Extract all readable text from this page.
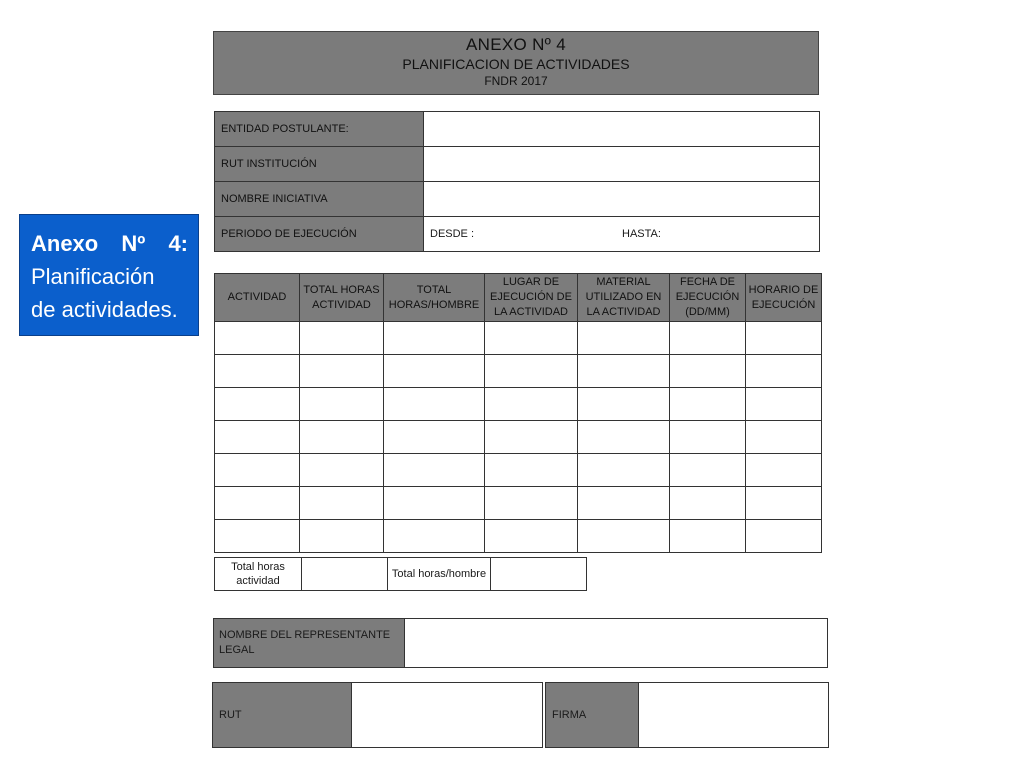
ANEXO Nº 4
PLANIFICACION DE ACTIVIDADES
FNDR 2017
ENTIDAD POSTULANTE:	
RUT INSTITUCIÓN	
NOMBRE INICIATIVA	
PERIODO DE EJECUCIÓN	DESDE : HASTA:
ACTIVIDAD	TOTAL HORAS ACTIVIDAD	TOTAL HORAS/HOMBRE	LUGAR DE EJECUCIÓN DE LA ACTIVIDAD	MATERIAL UTILIZADO EN LA ACTIVIDAD	FECHA DE EJECUCIÓN (DD/MM)	HORARIO DE EJECUCIÓN

Total horas actividad		Total horas/hombre	
NOMBRE DEL REPRESENTANTE LEGAL	
RUT		FIRMA	
Anexo Nº 4:
Planificación
de actividades.
